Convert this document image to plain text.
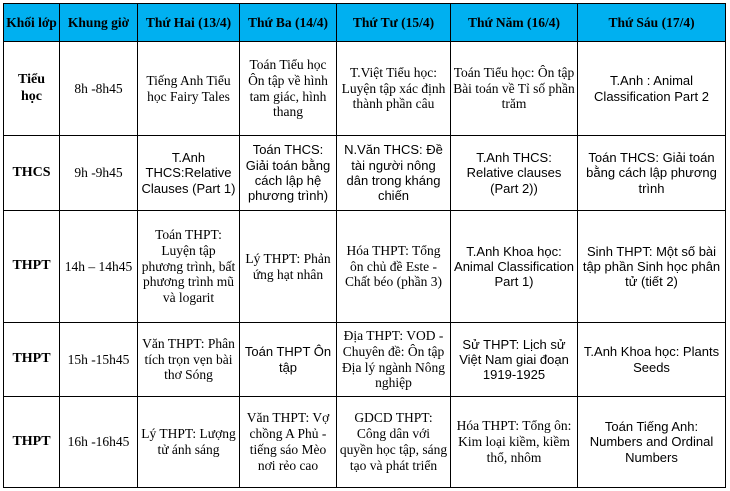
Khối lớp	Khung giờ	Thứ Hai (13/4)	Thứ Ba (14/4)	Thứ Tư (15/4)	Thứ Năm (16/4)	Thứ Sáu (17/4)
Tiểu học	8h -8h45	Tiếng Anh Tiểu học Fairy Tales	Toán Tiểu học Ôn tập về hình tam giác, hình thang	T.Việt Tiểu học: Luyện tập xác định thành phần câu	Toán Tiểu học: Ôn tập Bài toán về Tỉ số phần trăm	T.Anh : Animal Classification Part 2
THCS	9h -9h45	T.Anh THCS:Relative Clauses (Part 1)	Toán THCS: Giải toán bằng cách lập hệ phương trình)	N.Văn THCS: Đề tài người nông dân trong kháng chiến	T.Anh THCS: Relative clauses (Part 2))	Toán THCS: Giải toán bằng cách lập phương trình
THPT	14h – 14h45	Toán THPT: Luyện tập phương trình, bất phương trình mũ và logarit	Lý THPT: Phản ứng hạt nhân	Hóa THPT: Tổng ôn chủ đề Este -Chất béo (phần 3)	T.Anh Khoa học: Animal Classification Part 1)	Sinh THPT: Một số bài tập phần Sinh học phân tử (tiết 2)
THPT	15h -15h45	Văn THPT: Phân tích trọn vẹn bài thơ Sóng	Toán THPT Ôn tập	Địa THPT: VOD - Chuyên đề: Ôn tập Địa lý ngành Nông nghiệp	Sử THPT: Lịch sử Việt Nam giai đoạn 1919-1925	T.Anh Khoa học: Plants Seeds
THPT	16h -16h45	Lý THPT: Lượng tử ánh sáng	Văn THPT: Vợ chồng A Phủ - tiếng sáo Mèo nơi rẻo cao	GDCD THPT: Công dân với quyền học tập, sáng tạo và phát triển	Hóa THPT: Tổng ôn: Kim loại kiềm, kiềm thổ, nhôm	Toán Tiếng Anh: Numbers and Ordinal Numbers
